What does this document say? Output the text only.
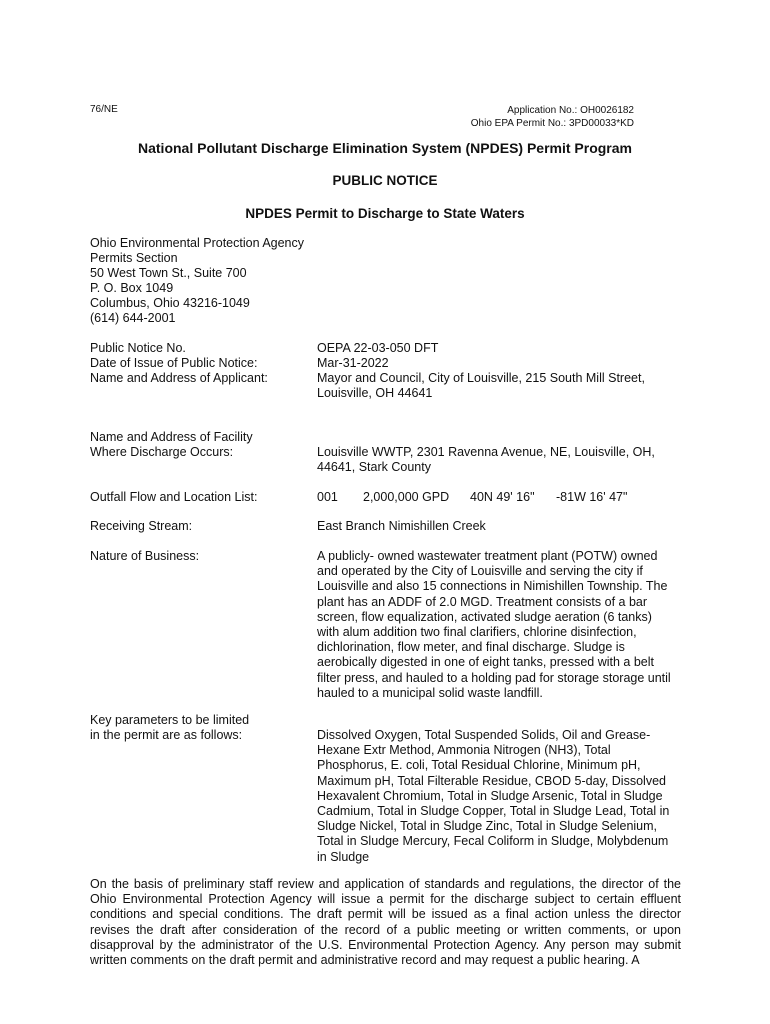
76/NE	Application No.: OH0026182
Ohio EPA Permit No.: 3PD00033*KD
National Pollutant Discharge Elimination System (NPDES) Permit Program
PUBLIC NOTICE
NPDES Permit to Discharge to State Waters
Ohio Environmental Protection Agency
Permits Section
50 West Town St., Suite 700
P. O. Box 1049
Columbus, Ohio 43216-1049
(614) 644-2001
Public Notice No.	OEPA 22-03-050 DFT
Date of Issue of Public Notice:	Mar-31-2022
Name and Address of Applicant:	Mayor and Council, City of Louisville, 215 South Mill Street, Louisville, OH 44641
Name and Address of Facility
Where Discharge Occurs:	Louisville WWTP, 2301 Ravenna Avenue, NE, Louisville, OH, 44641, Stark County
Outfall Flow and Location List:	001 2,000,000 GPD 40N 49' 16" -81W 16' 47"
Receiving Stream:	East Branch Nimishillen Creek
Nature of Business:	A publicly- owned wastewater treatment plant (POTW) owned and operated by the City of Louisville and serving the city if Louisville and also 15 connections in Nimishillen Township. The plant has an ADDF of 2.0 MGD. Treatment consists of a bar screen, flow equalization, activated sludge aeration (6 tanks) with alum addition two final clarifiers, chlorine disinfection, dichlorination, flow meter, and final discharge. Sludge is aerobically digested in one of eight tanks, pressed with a belt filter press, and hauled to a holding pad for storage storage until hauled to a municipal solid waste landfill.
Key parameters to be limited
in the permit are as follows:	Dissolved Oxygen, Total Suspended Solids, Oil and Grease-Hexane Extr Method, Ammonia Nitrogen (NH3), Total Phosphorus, E. coli, Total Residual Chlorine, Minimum pH, Maximum pH, Total Filterable Residue, CBOD 5-day, Dissolved Hexavalent Chromium, Total in Sludge Arsenic, Total in Sludge Cadmium, Total in Sludge Copper, Total in Sludge Lead, Total in Sludge Nickel, Total in Sludge Zinc, Total in Sludge Selenium, Total in Sludge Mercury, Fecal Coliform in Sludge, Molybdenum in Sludge
On the basis of preliminary staff review and application of standards and regulations, the director of the Ohio Environmental Protection Agency will issue a permit for the discharge subject to certain effluent conditions and special conditions. The draft permit will be issued as a final action unless the director revises the draft after consideration of the record of a public meeting or written comments, or upon disapproval by the administrator of the U.S. Environmental Protection Agency. Any person may submit written comments on the draft permit and administrative record and may request a public hearing. A
